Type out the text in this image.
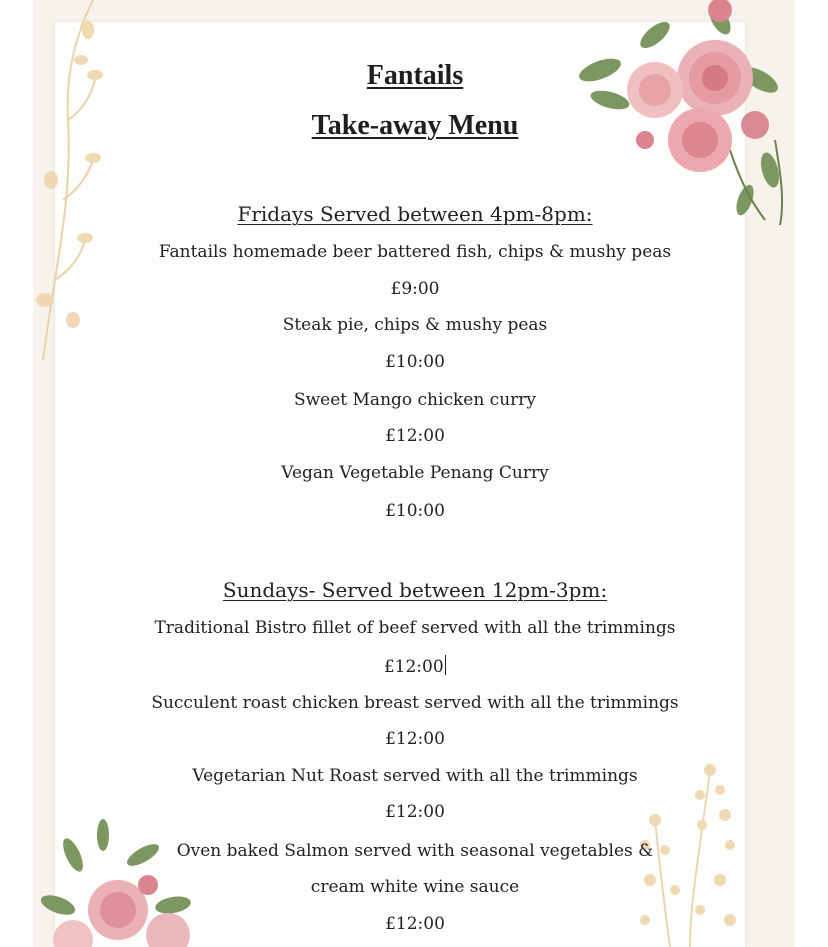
Fantails
Take-away Menu
Fridays Served between 4pm-8pm:
Fantails homemade beer battered fish, chips & mushy peas
£9:00
Steak pie, chips & mushy peas
£10:00
Sweet Mango chicken curry
£12:00
Vegan Vegetable Penang Curry
£10:00
Sundays- Served between 12pm-3pm:
Traditional Bistro fillet of beef served with all the trimmings
£12:00
Succulent roast chicken breast served with all the trimmings
£12:00
Vegetarian Nut Roast served with all the trimmings
£12:00
Oven baked Salmon served with seasonal vegetables &
cream white wine sauce
£12:00
